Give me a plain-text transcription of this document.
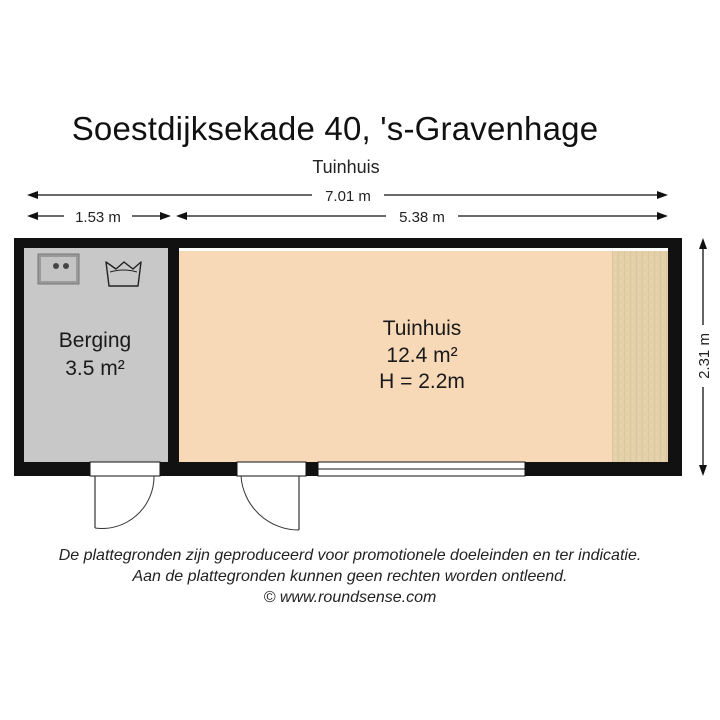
Soestdijksekade 40, 's-Gravenhage
Tuinhuis
7.01 m
1.53 m	5.38 m
2.31 m
Berging
3.5 m²
Tuinhuis
12.4 m²
H = 2.2m
De plattegronden zijn geproduceerd voor promotionele doeleinden en ter indicatie.
Aan de plattegronden kunnen geen rechten worden ontleend.
© www.roundsense.com
